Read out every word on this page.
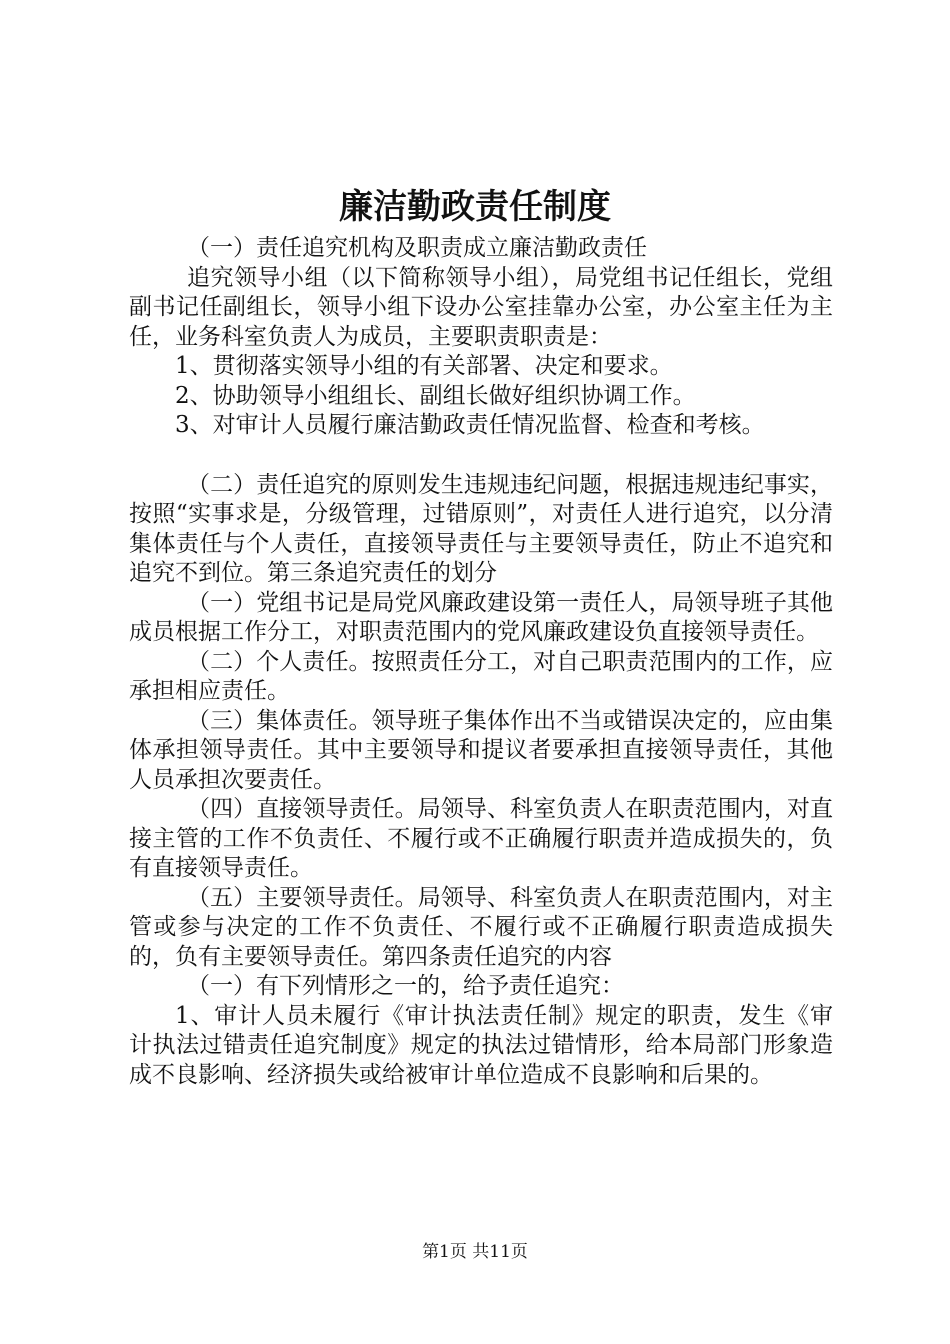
廉洁勤政责任制度

（一）责任追究机构及职责成立廉洁勤政责任

追究领导小组（以下简称领导小组），局党组书记任组长，党组副书记任副组长，领导小组下设办公室挂靠办公室，办公室主任为主任，业务科室负责人为成员，主要职责职责是：

1、贯彻落实领导小组的有关部署、决定和要求。

2、协助领导小组组长、副组长做好组织协调工作。

3、对审计人员履行廉洁勤政责任情况监督、检查和考核。

（二）责任追究的原则发生违规违纪问题，根据违规违纪事实，按照“实事求是，分级管理，过错原则”，对责任人进行追究，以分清集体责任与个人责任，直接领导责任与主要领导责任，防止不追究和追究不到位。第三条追究责任的划分

（一）党组书记是局党风廉政建设第一责任人，局领导班子其他成员根据工作分工，对职责范围内的党风廉政建设负直接领导责任。

（二）个人责任。按照责任分工，对自己职责范围内的工作，应承担相应责任。

（三）集体责任。领导班子集体作出不当或错误决定的，应由集体承担领导责任。其中主要领导和提议者要承担直接领导责任，其他人员承担次要责任。

（四）直接领导责任。局领导、科室负责人在职责范围内，对直接主管的工作不负责任、不履行或不正确履行职责并造成损失的，负有直接领导责任。

（五）主要领导责任。局领导、科室负责人在职责范围内，对主管或参与决定的工作不负责任、不履行或不正确履行职责造成损失的，负有主要领导责任。第四条责任追究的内容

（一）有下列情形之一的，给予责任追究：

1、审计人员未履行《审计执法责任制》规定的职责，发生《审计执法过错责任追究制度》规定的执法过错情形，给本局部门形象造成不良影响、经济损失或给被审计单位造成不良影响和后果的。

第1页 共11页
